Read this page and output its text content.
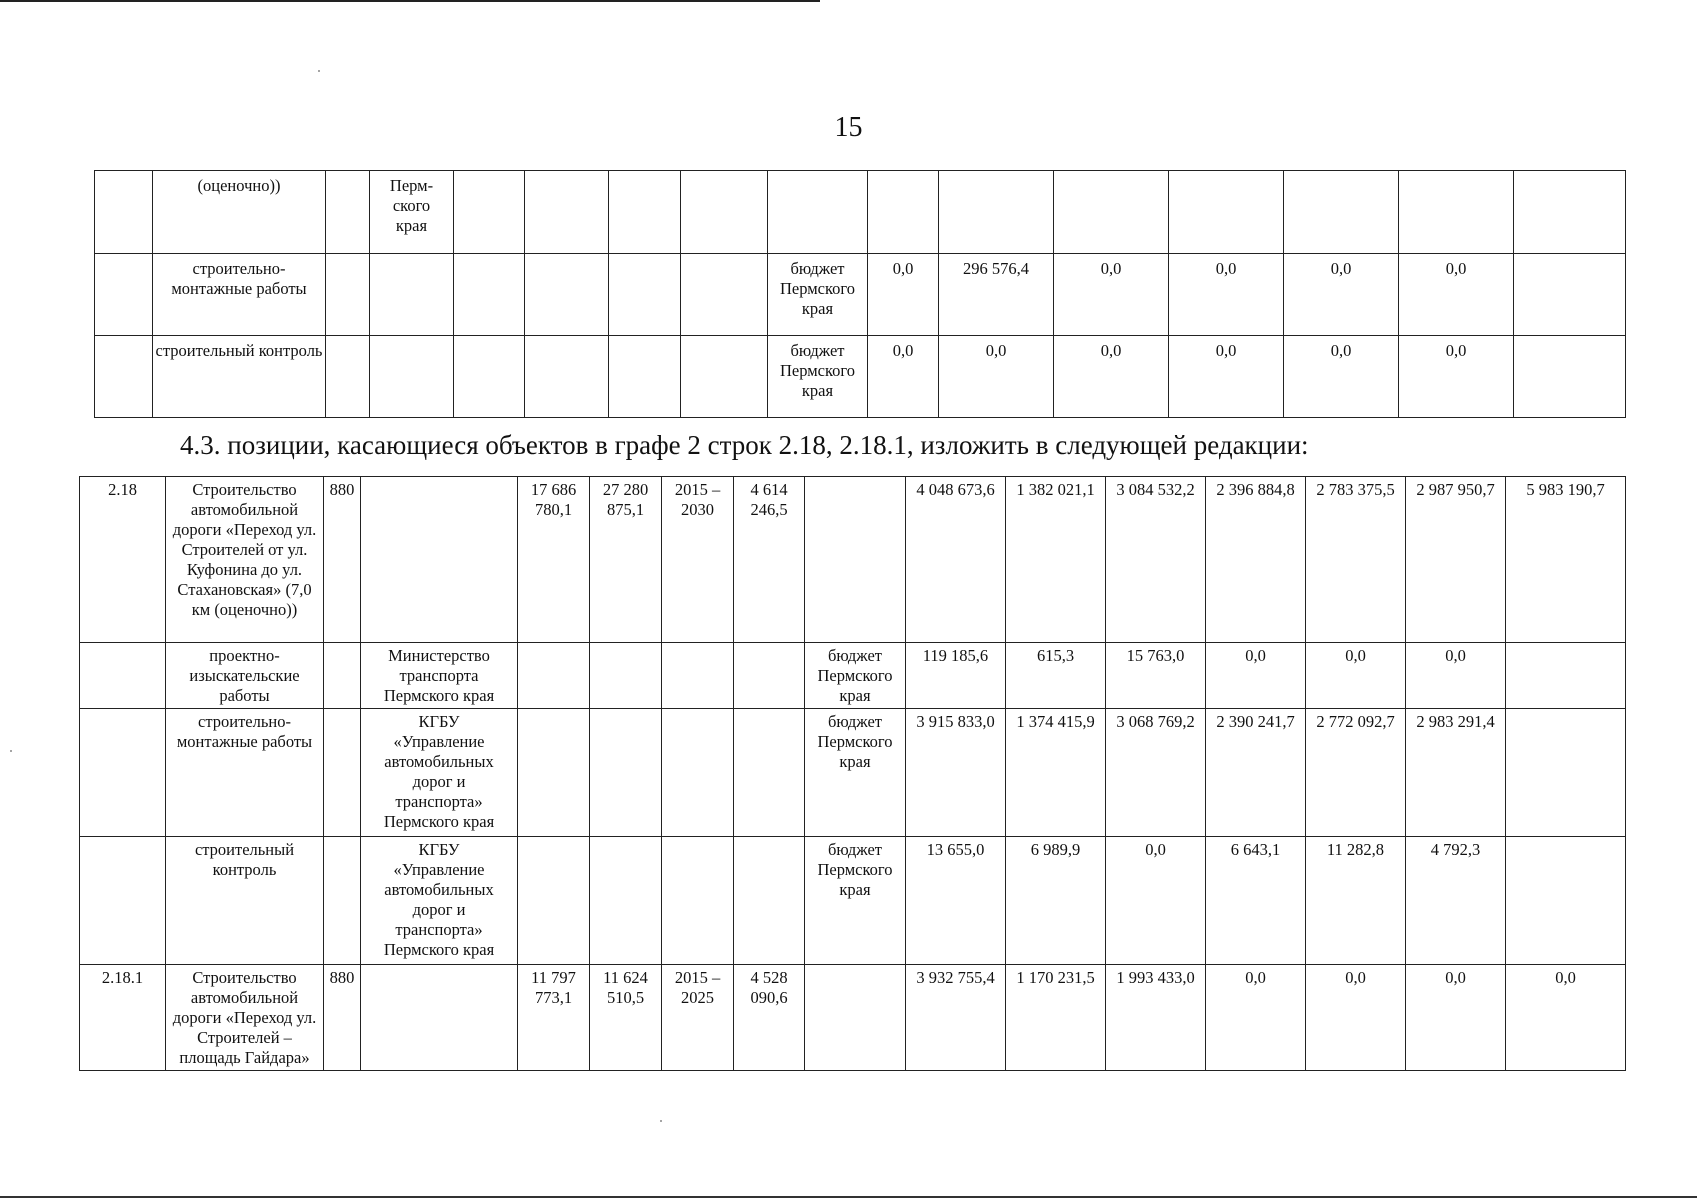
15
	(оценочно))		Перм-ского края												

	строительно-монтажные работы							бюджет Пермского края	0,0	296 576,4	0,0	0,0	0,0	0,0	
	строительный контроль							бюджет Пермского края	0,0	0,0	0,0	0,0	0,0	0,0	
4.3. позиции, касающиеся объектов в графе 2 строк 2.18, 2.18.1, изложить в следующей редакции:
2.18	Строительство автомобильной дороги «Переход ул. Строителей от ул. Куфонина до ул. Стахановская» (7,0 км (оценочно))	880		17 686 780,1	27 280 875,1	2015 – 2030	4 614 246,5		4 048 673,6	1 382 021,1	3 084 532,2	2 396 884,8	2 783 375,5	2 987 950,7	5 983 190,7
	проектно-изыскательские работы		Министерство транспорта Пермского края					бюджет Пермского края	119 185,6	615,3	15 763,0	0,0	0,0	0,0	
	строительно-монтажные работы		КГБУ «Управление автомобильных дорог и транспорта» Пермского края					бюджет Пермского края	3 915 833,0	1 374 415,9	3 068 769,2	2 390 241,7	2 772 092,7	2 983 291,4	
	строительный контроль		КГБУ «Управление автомобильных дорог и транспорта» Пермского края					бюджет Пермского края	13 655,0	6 989,9	0,0	6 643,1	11 282,8	4 792,3	
2.18.1	Строительство автомобильной дороги «Переход ул. Строителей – площадь Гайдара»	880		11 797 773,1	11 624 510,5	2015 – 2025	4 528 090,6		3 932 755,4	1 170 231,5	1 993 433,0	0,0	0,0	0,0	0,0
